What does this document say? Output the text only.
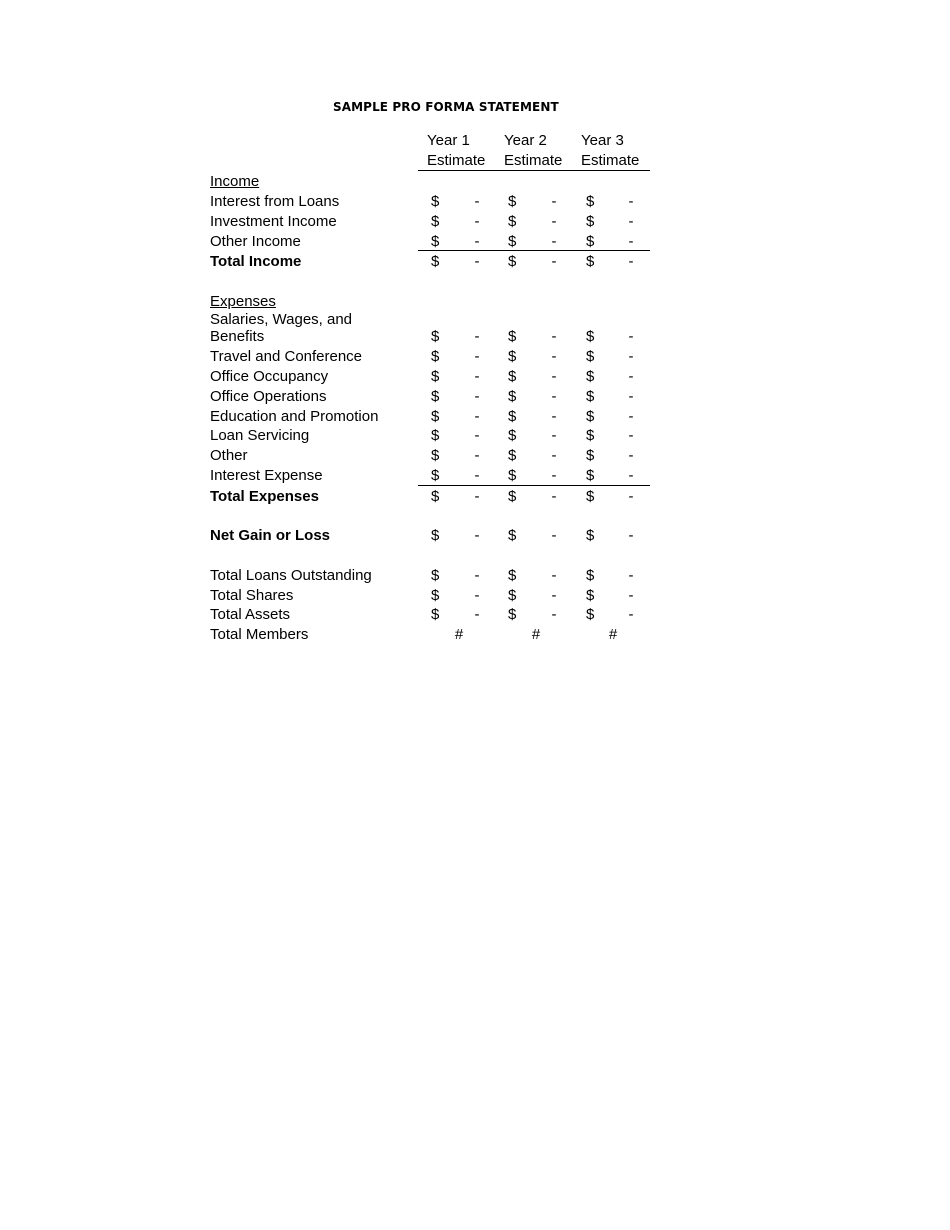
SAMPLE PRO FORMA STATEMENT
Year 1
Estimate
Year 2
Estimate
Year 3
Estimate
Income
Interest from Loans
Investment Income
Other Income
Total Income
Expenses
Salaries, Wages, and
Benefits
Travel and Conference
Office Occupancy
Office Operations
Education and Promotion
Loan Servicing
Other
Interest Expense
Total Expenses
Net Gain or Loss
Total Loans Outstanding
Total Shares
Total Assets
Total Members
$ - $ - $ -
$ - $ - $ -
$ - $ - $ -
$ - $ - $ -
$ - $ - $ -
$ - $ - $ -
$ - $ - $ -
$ - $ - $ -
$ - $ - $ -
$ - $ - $ -
$ - $ - $ -
$ - $ - $ -
$ - $ - $ -
$ - $ - $ -
$ - $ - $ -
$ - $ - $ -
$ - $ - $ -
#	#	#
